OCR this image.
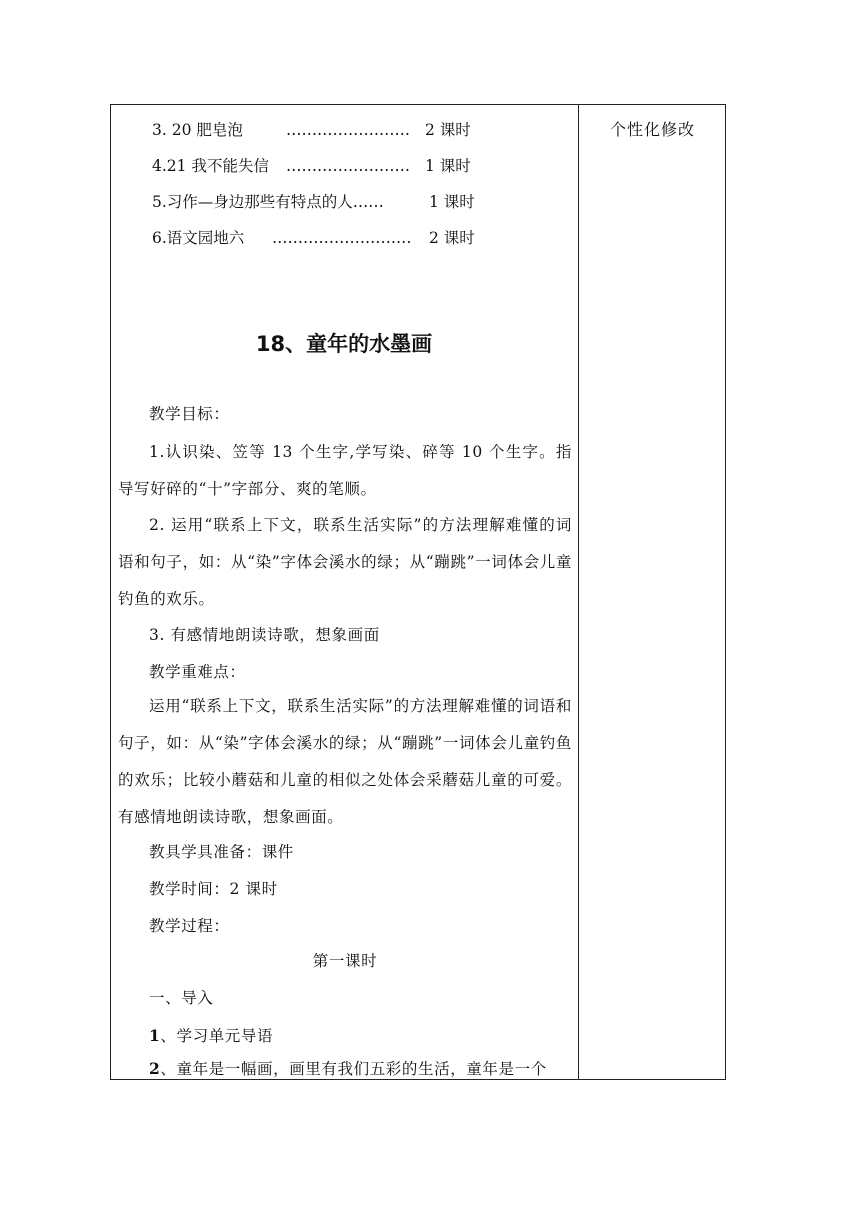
个性化修改
3. 20 肥皂泡	…………………… 2 课时
4.21 我不能失信 …………………… 1 课时
5.习作—身边那些有特点的人……	1 课时
6.语文园地六 ……………………… 2 课时
18、童年的水墨画
教学目标：
1.认识染、笠等 13 个生字,学写染、碎等 10 个生字。指导写好碎的“十”字部分、爽的笔顺。
2. 运用“联系上下文，联系生活实际”的方法理解难懂的词语和句子，如：从“染”字体会溪水的绿；从“蹦跳”一词体会儿童钓鱼的欢乐。
3. 有感情地朗读诗歌，想象画面
教学重难点：
运用“联系上下文，联系生活实际”的方法理解难懂的词语和句子，如：从“染”字体会溪水的绿；从“蹦跳”一词体会儿童钓鱼的欢乐；比较小蘑菇和儿童的相似之处体会采蘑菇儿童的可爱。有感情地朗读诗歌，想象画面。
教具学具准备：课件
教学时间：2 课时
教学过程：
第一课时
一、导入
1、学习单元导语
2、童年是一幅画，画里有我们五彩的生活，童年是一个
